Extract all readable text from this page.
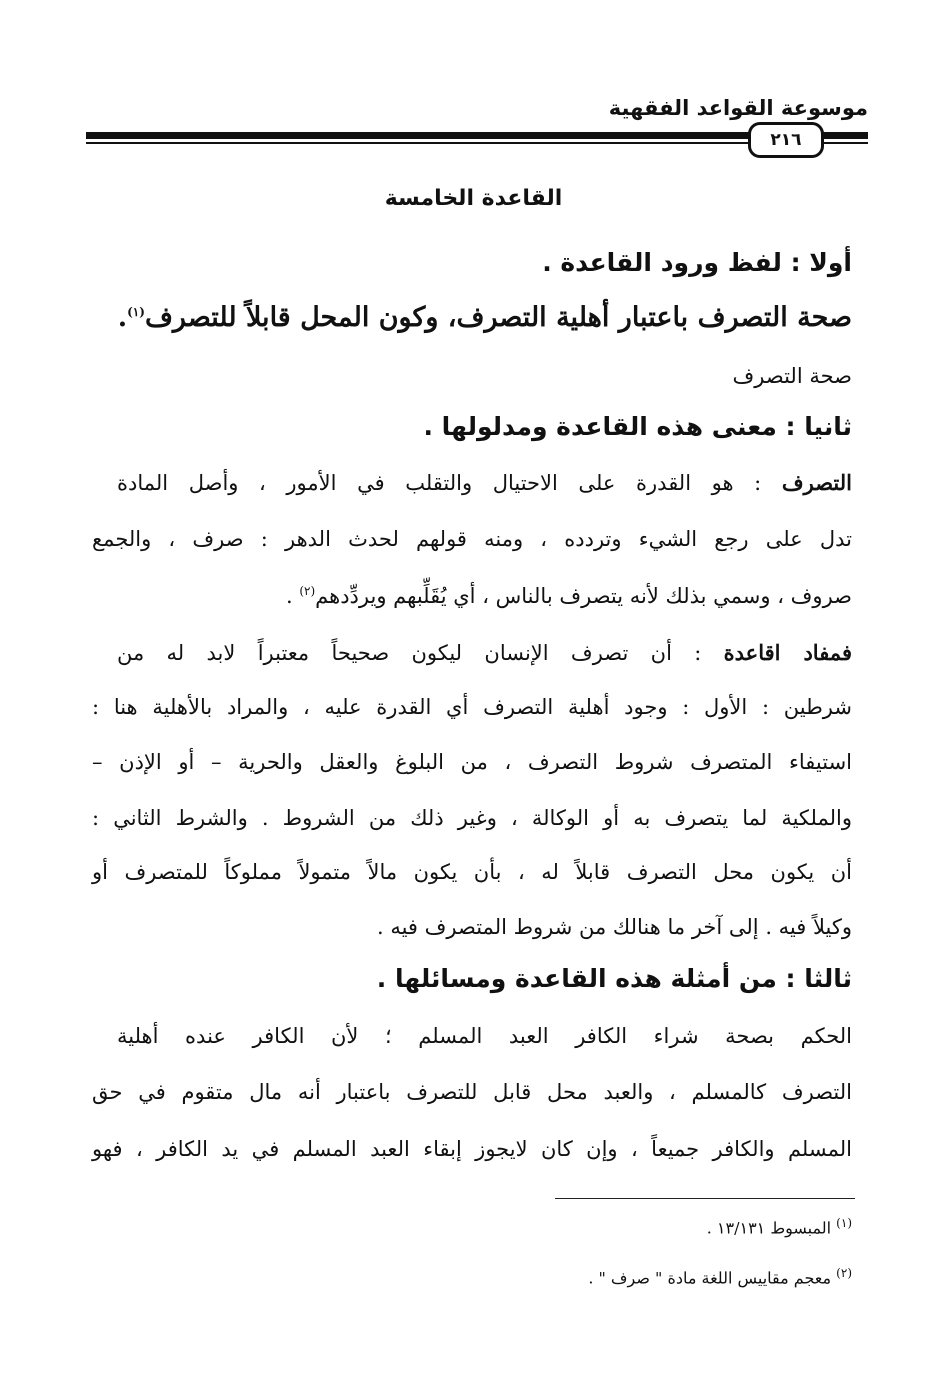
موسوعة القواعد الفقهية
٢١٦
القاعدة الخامسة
أولا : لفظ ورود القاعدة .
صحة التصرف باعتبار أهلية التصرف، وكون المحل قابلاً للتصرف$^{(١)}$.
صحة التصرف
ثانيا : معنى هذه القاعدة ومدلولها .
التصرف : هو القدرة على الاحتيال والتقلب في الأمور ، وأصل المادة
تدل على رجع الشيء وتردده ، ومنه قولهم لحدث الدهر : صرف ، والجمع
صروف ، وسمي بذلك لأنه يتصرف بالناس ، أي يُقَلِّبهم ويردِّدهم$^{(٢)}$ .
فمفاد اقاعدة : أن تصرف الإنسان ليكون صحيحاً معتبراً لابد له من
شرطين : الأول : وجود أهلية التصرف أي القدرة عليه ، والمراد بالأهلية هنا :
استيفاء المتصرف شروط التصرف ، من البلوغ والعقل والحرية – أو الإذن –
والملكية لما يتصرف به أو الوكالة ، وغير ذلك من الشروط . والشرط الثاني :
أن يكون محل التصرف قابلاً له ، بأن يكون مالاً متمولاً مملوكاً للمتصرف أو
وكيلاً فيه . إلى آخر ما هنالك من شروط المتصرف فيه .
ثالثا : من أمثلة هذه القاعدة ومسائلها .
الحكم بصحة شراء الكافر العبد المسلم ؛ لأن الكافر عنده أهلية
التصرف كالمسلم ، والعبد محل قابل للتصرف باعتبار أنه مال متقوم في حق
المسلم والكافر جميعاً ، وإن كان لايجوز إبقاء العبد المسلم في يد الكافر ، فهو
$^{(١)}$ المبسوط ١٣/١٣١ .
$^{(٢)}$ معجم مقاييس اللغة مادة " صرف " .
